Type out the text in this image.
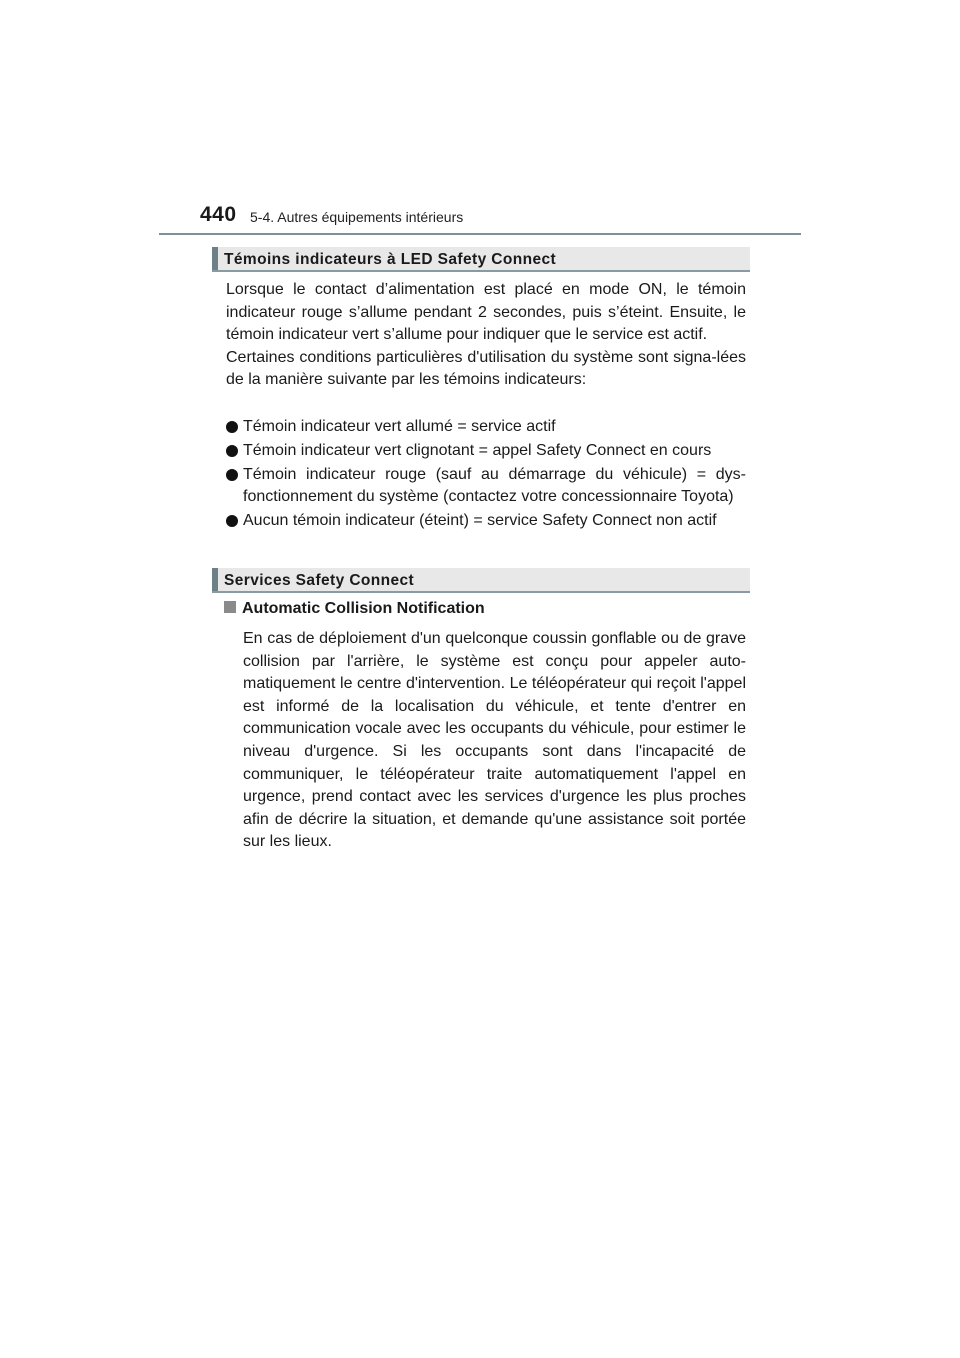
440 5-4. Autres équipements intérieurs
Témoins indicateurs à LED Safety Connect
Lorsque le contact d’alimentation est placé en mode ON, le témoin indicateur rouge s’allume pendant 2 secondes, puis s’éteint. Ensuite, le témoin indicateur vert s’allume pour indiquer que le service est actif.
Certaines conditions particulières d'utilisation du système sont signa-lées de la manière suivante par les témoins indicateurs:
Témoin indicateur vert allumé = service actif
Témoin indicateur vert clignotant = appel Safety Connect en cours
Témoin indicateur rouge (sauf au démarrage du véhicule) = dys-fonctionnement du système (contactez votre concessionnaire Toyota)
Aucun témoin indicateur (éteint) = service Safety Connect non actif
Services Safety Connect
Automatic Collision Notification
En cas de déploiement d'un quelconque coussin gonflable ou de grave collision par l'arrière, le système est conçu pour appeler auto-matiquement le centre d'intervention. Le téléopérateur qui reçoit l'appel est informé de la localisation du véhicule, et tente d'entrer en communication vocale avec les occupants du véhicule, pour estimer le niveau d'urgence. Si les occupants sont dans l'incapacité de communiquer, le téléopérateur traite automatiquement l'appel en urgence, prend contact avec les services d'urgence les plus proches afin de décrire la situation, et demande qu'une assistance soit portée sur les lieux.
